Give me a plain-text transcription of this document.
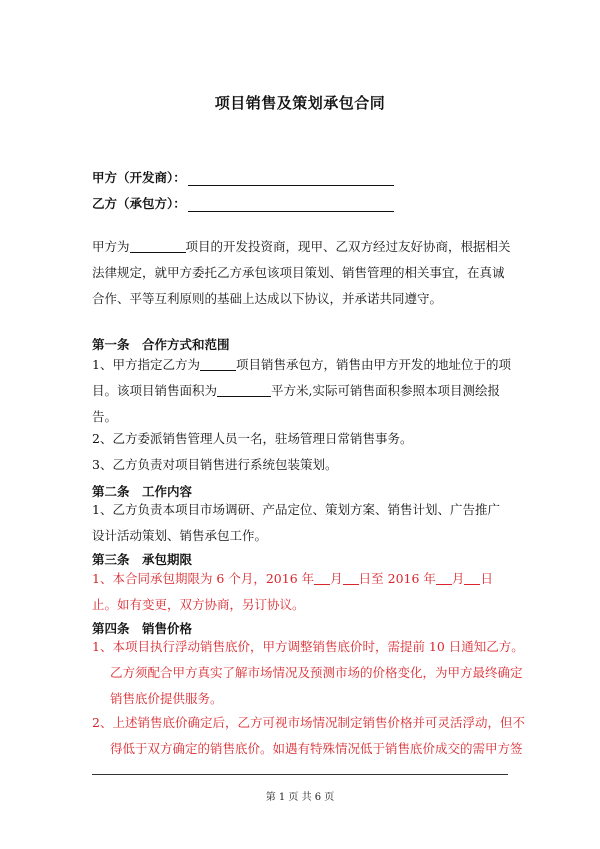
项目销售及策划承包合同
甲方（开发商）：
乙方（承包方）：
甲方为	项目的开发投资商，现甲、乙双方经过友好协商，根据相关法律规定，就甲方委托乙方承包该项目策划、销售管理的相关事宜，在真诚合作、平等互利原则的基础上达成以下协议，并承诺共同遵守。
第一条　合作方式和范围
1、甲方指定乙方为	项目销售承包方，销售由甲方开发的地址位于的项目。该项目销售面积为	平方米,实际可销售面积参照本项目测绘报告。
2、乙方委派销售管理人员一名，驻场管理日常销售事务。
3、乙方负责对项目销售进行系统包装策划。
第二条　工作内容
1、乙方负责本项目市场调研、产品定位、策划方案、销售计划、广告推广设计活动策划、销售承包工作。
第三条　承包期限
1、本合同承包期限为 6 个月，2016 年 月 日至 2016 年 月 日止。如有变更，双方协商，另订协议。
第四条　销售价格
1、本项目执行浮动销售底价，甲方调整销售底价时，需提前 10 日通知乙方。乙方须配合甲方真实了解市场情况及预测市场的价格变化，为甲方最终确定销售底价提供服务。
2、上述销售底价确定后，乙方可视市场情况制定销售价格并可灵活浮动，但不得低于双方确定的销售底价。如遇有特殊情况低于销售底价成交的需甲方签
第 1 页 共 6 页
